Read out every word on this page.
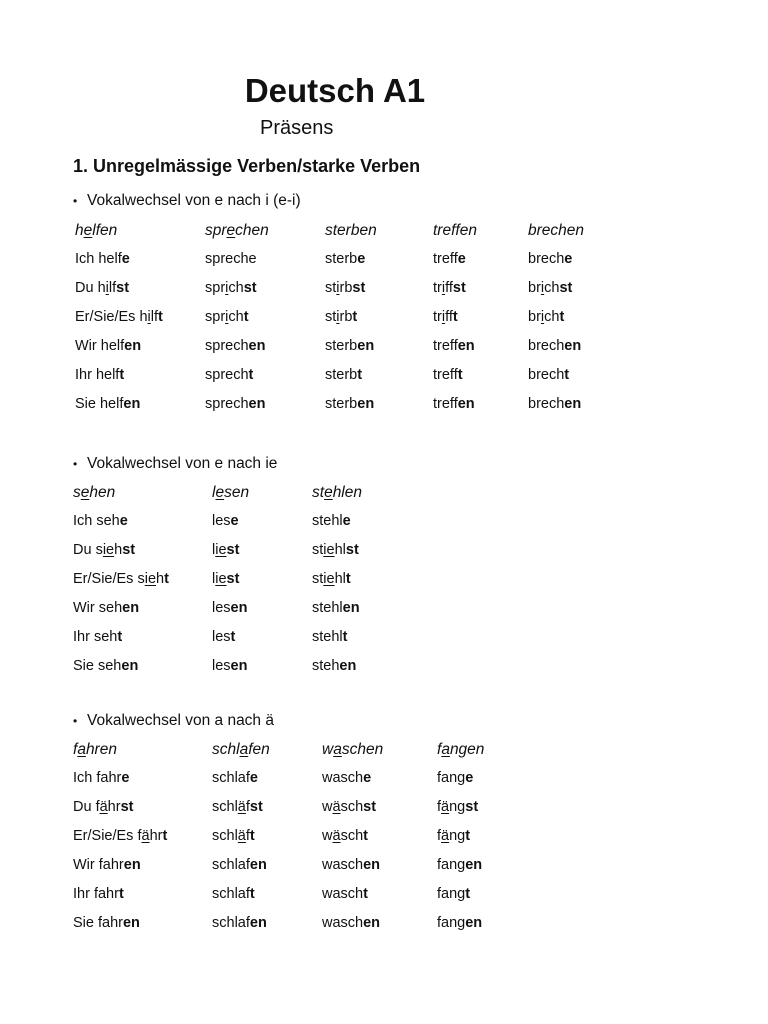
Deutsch A1
Präsens
1. Unregelmässige Verben/starke Verben
• Vokalwechsel von e nach i (e-i)
helfen	sprechen	sterben	treffen	brechen
Ich helfe	spreche	sterbe	treffe	breche
Du hilfst	sprichst	stirbst	triffst	brichst
Er/Sie/Es hilft	spricht	stirbt	trifft	bricht
Wir helfen	sprechen	sterben	treffen	brechen
Ihr helft	sprecht	sterbt	trefft	brecht
Sie helfen	sprechen	sterben	treffen	brechen
• Vokalwechsel von e nach ie
sehen	lesen	stehlen
Ich sehe	lese	stehle
Du siehst	liest	stiehlst
Er/Sie/Es sieht	liest	stiehlt
Wir sehen	lesen	stehlen
Ihr seht	lest	stehlt
Sie sehen	lesen	stehen
• Vokalwechsel von a nach ä
fahren	schlafen	waschen	fangen
Ich fahre	schlafe	wasche	fange
Du fährst	schläfst	wäschst	fängst
Er/Sie/Es fährt	schläft	wäscht	fängt
Wir fahren	schlafen	waschen	fangen
Ihr fahrt	schlaft	wascht	fangt
Sie fahren	schlafen	waschen	fangen
